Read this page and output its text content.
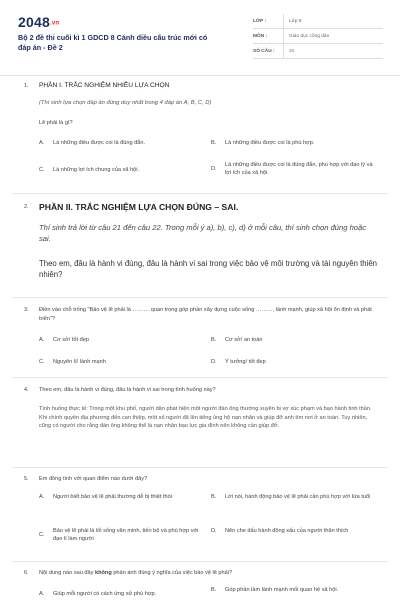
2048.vn
Bộ 2 đề thi cuối kì 1 GDCD 8 Cánh diều cấu trúc mới có đáp án - Đề 2
LỚP :	Lớp 8
MÔN :	Giáo dục công dân
SỐ CÂU :	31
1. PHẦN I. TRẮC NGHIỆM NHIỀU LỰA CHỌN
(Thí sinh lựa chọn đáp án đúng duy nhất trong 4 đáp án A, B, C, D)
Lẽ phải là gì?
A.	Là những điều được coi là đúng đắn.	B.	Là những điều được coi là phù hợp.
C.	Là những lợi ích chung của xã hội.	D.
Là những điều được coi là đúng đắn, phù hợp với đạo lý và lợi ích của xã hội.
2. PHẦN II. TRẮC NGHIỆM LỰA CHỌN ĐÚNG – SAI.
Thí sinh trả lời từ câu 21 đến câu 22. Trong mỗi ý a), b), c), d) ở mỗi câu, thí sinh chọn đúng hoặc sai.
Theo em, đâu là hành vi đúng, đâu là hành vi sai trong việc bảo vệ môi trường và tài nguyên thiên nhiên?
3. Điền vào chỗ trống "Bảo vệ lẽ phải là ……… quan trọng góp phần xây dựng cuộc sống ………, lành mạnh, giúp xã hội ổn định và phát triển"?
A.	Cơ sở/ tốt đẹp	B.	Cơ sở/ an toàn
C.	Nguyên lí/ lành mạnh	D.	Ý tưởng/ tốt đẹp
4. Theo em, đâu là hành vi đúng, đâu là hành vi sai trong tình huống này?
Tình huống thực tế: Trong một khu phố, người dân phát hiện một người đàn ông thường xuyên bị vợ xúc phạm và bạo hành tinh thần. Khi chính quyền địa phương đến can thiệp, một số người đã lên tiếng ủng hộ nạn nhân và giúp đỡ anh tìm nơi ở an toàn. Tuy nhiên, cũng có người cho rằng đàn ông không thể là nạn nhân bạo lực gia đình nên không cần giúp đỡ.
5. Em đồng tình với quan điểm nào dưới đây?
A.	Người biết bảo vệ lẽ phải thường dễ bị thiệt thòi	B.	Lời nói, hành động bảo vệ lẽ phải cần phù hợp với lứa tuổi
C.
Bảo vệ lẽ phải là lối sống văn minh, tiến bộ và phù hợp với đạo lí làm người
D.	Nên che dấu hành động xấu của người thân thích
6. Nội dung nào sau đây không phản ánh đúng ý nghĩa của việc bảo vệ lẽ phải?
A.	Giúp mỗi người có cách ứng xử phù hợp.
B.	Góp phần làm lành mạnh mối quan hệ xã hội.
